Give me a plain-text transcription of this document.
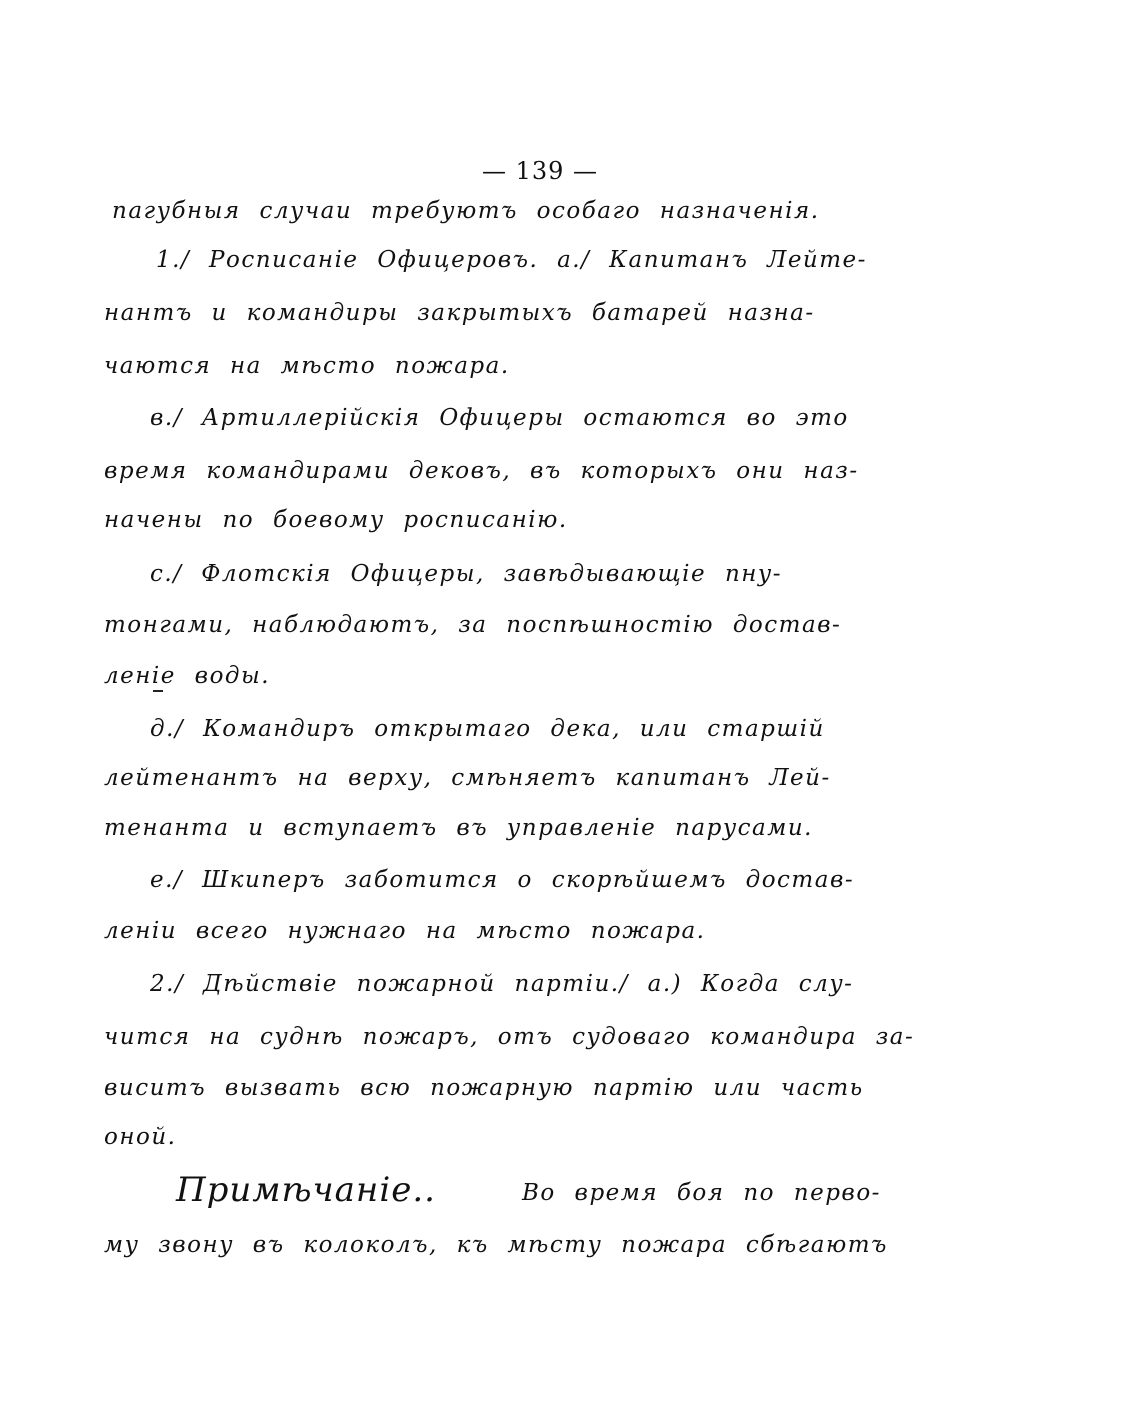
— 139 —
пагубныя случаи требуютъ особаго назначенія.
1./ Росписаніе Офицеровъ. а./ Капитанъ Лейте-
нантъ и командиры закрытыхъ батарей назна-
чаются на мѣсто пожара.
в./ Артиллерійскія Офицеры остаются во это
время командирами дековъ, въ которыхъ они наз-
начены по боевому росписанію.
с./ Флотскія Офицеры, завѣдывающіе пну-
тонгами, наблюдаютъ, за поспѣшностію достав-
леніе воды.
д./ Командиръ открытаго дека, или старшій
лейтенантъ на верху, смѣняетъ капитанъ Лей-
тенанта и вступаетъ въ управленіе парусами.
е./ Шкиперъ заботится о скорѣйшемъ достав-
леніи всего нужнаго на мѣсто пожара.
2./ Дѣйствіе пожарной партіи./ а.) Когда слу-
чится на суднѣ пожаръ, отъ судоваго командира за-
виситъ вызвать всю пожарную партію или часть
оной.
Примѣчаніе..	Во время боя по перво-
му звону въ колоколъ, къ мѣсту пожара сбѣгаютъ
